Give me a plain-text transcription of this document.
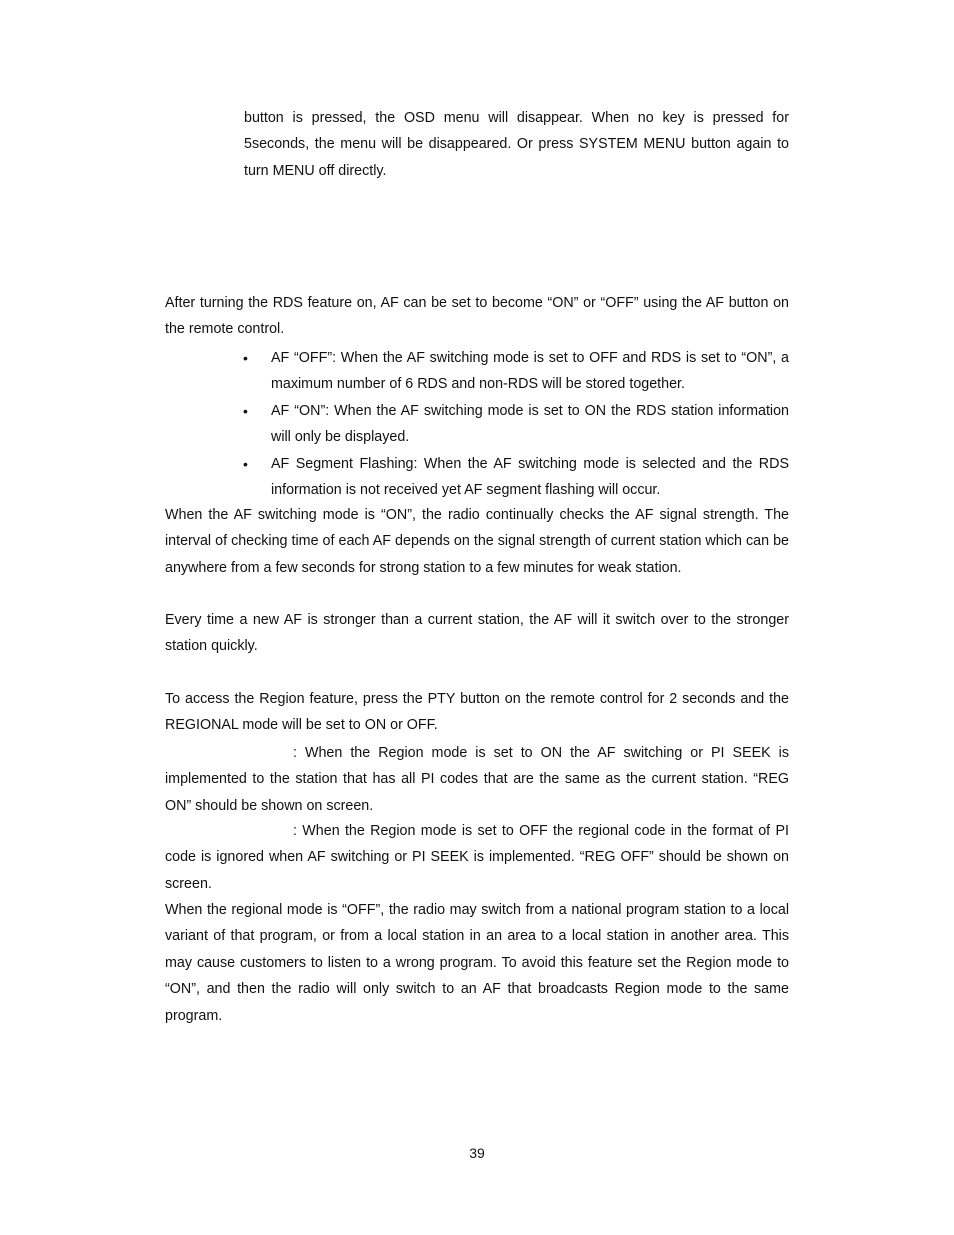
button is pressed, the OSD menu will disappear. When no key is pressed for 5seconds, the menu will be disappeared. Or press SYSTEM MENU button again to turn MENU off directly.

After turning the RDS feature on, AF can be set to become “ON” or “OFF” using the AF button on the remote control.

•	AF “OFF”: When the AF switching mode is set to OFF and RDS is set to “ON”, a maximum number of 6 RDS and non-RDS will be stored together.
•	AF “ON”: When the AF switching mode is set to ON the RDS station information will only be displayed.
•	AF Segment Flashing: When the AF switching mode is selected and the RDS information is not received yet AF segment flashing will occur.

When the AF switching mode is “ON”, the radio continually checks the AF signal strength. The interval of checking time of each AF depends on the signal strength of current station which can be anywhere from a few seconds for strong station to a few minutes for weak station.

Every time a new AF is stronger than a current station, the AF will it switch over to the stronger station quickly.

To access the Region feature, press the PTY button on the remote control for 2 seconds and the REGIONAL mode will be set to ON or OFF.

: When the Region mode is set to ON the AF switching or PI SEEK is implemented to the station that has all PI codes that are the same as the current station. “REG ON” should be shown on screen.

: When the Region mode is set to OFF the regional code in the format of PI code is ignored when AF switching or PI SEEK is implemented. “REG OFF” should be shown on screen.

When the regional mode is “OFF”, the radio may switch from a national program station to a local variant of that program, or from a local station in an area to a local station in another area. This may cause customers to listen to a wrong program. To avoid this feature set the Region mode to “ON”, and then the radio will only switch to an AF that broadcasts Region mode to the same program.

39
